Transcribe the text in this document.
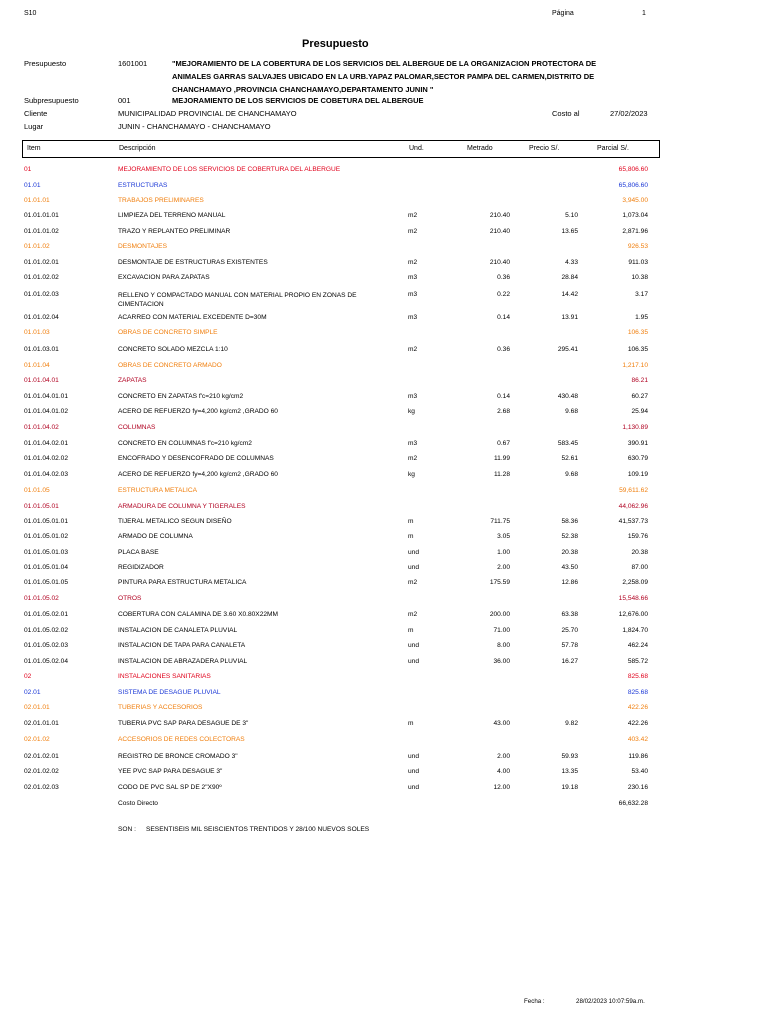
S10	Página	1
Presupuesto
Presupuesto	1601001	"MEJORAMIENTO DE LA COBERTURA DE LOS SERVICIOS DEL ALBERGUE DE LA ORGANIZACION PROTECTORA DE
ANIMALES GARRAS SALVAJES UBICADO EN LA URB.YAPAZ PALOMAR,SECTOR PAMPA DEL CARMEN,DISTRITO DE
CHANCHAMAYO ,PROVINCIA CHANCHAMAYO,DEPARTAMENTO JUNIN "
Subpresupuesto	001	MEJORAMIENTO DE LOS SERVICIOS DE COBETURA DEL ALBERGUE
Cliente	MUNICIPALIDAD PROVINCIAL DE CHANCHAMAYO	Costo al	27/02/2023
Lugar	JUNIN - CHANCHAMAYO - CHANCHAMAYO
Item	Descripción	Und.	Metrado	Precio S/.	Parcial S/.
01	MEJORAMIENTO DE LOS SERVICIOS DE COBERTURA DEL ALBERGUE	65,806.60
01.01	ESTRUCTURAS	65,806.60
01.01.01	TRABAJOS PRELIMINARES	3,945.00
01.01.01.01	LIMPIEZA DEL TERRENO MANUAL	m2	210.40	5.10	1,073.04
01.01.01.02	TRAZO Y REPLANTEO PRELIMINAR	m2	210.40	13.65	2,871.96
01.01.02	DESMONTAJES	926.53
01.01.02.01	DESMONTAJE DE ESTRUCTURAS EXISTENTES	m2	210.40	4.33	911.03
01.01.02.02	EXCAVACION PARA ZAPATAS	m3	0.36	28.84	10.38
01.01.02.03	RELLENO Y COMPACTADO MANUAL CON MATERIAL PROPIO EN ZONAS DE CIMENTACION
m3	0.22	14.42	3.17
01.01.02.04	ACARREO CON MATERIAL EXCEDENTE D=30M	m3	0.14	13.91	1.95
01.01.03	OBRAS DE CONCRETO SIMPLE	106.35
01.01.03.01	CONCRETO SOLADO MEZCLA 1:10	m2	0.36	295.41	106.35
01.01.04	OBRAS DE CONCRETO ARMADO	1,217.10
01.01.04.01	ZAPATAS	86.21
01.01.04.01.01	CONCRETO EN ZAPATAS f'c=210 kg/cm2	m3	0.14	430.48	60.27
01.01.04.01.02	ACERO DE REFUERZO fy=4,200 kg/cm2 ,GRADO 60	kg	2.68	9.68	25.94
01.01.04.02	COLUMNAS	1,130.89
01.01.04.02.01	CONCRETO EN COLUMNAS f'c=210 kg/cm2	m3	0.67	583.45	390.91
01.01.04.02.02	ENCOFRADO Y DESENCOFRADO DE COLUMNAS	m2	11.99	52.61	630.79
01.01.04.02.03	ACERO DE REFUERZO fy=4,200 kg/cm2 ,GRADO 60	kg	11.28	9.68	109.19
01.01.05	ESTRUCTURA METALICA	59,611.62
01.01.05.01	ARMADURA DE COLUMNA Y TIGERALES	44,062.96
01.01.05.01.01	TIJERAL METALICO SEGUN DISEÑO	m	711.75	58.36	41,537.73
01.01.05.01.02	ARMADO DE COLUMNA	m	3.05	52.38	159.76
01.01.05.01.03	PLACA BASE	und	1.00	20.38	20.38
01.01.05.01.04	REGIDIZADOR	und	2.00	43.50	87.00
01.01.05.01.05	PINTURA PARA ESTRUCTURA METALICA	m2	175.59	12.86	2,258.09
01.01.05.02	OTROS	15,548.66
01.01.05.02.01	COBERTURA CON CALAMINA DE 3.60 X0.80X22MM	m2	200.00	63.38	12,676.00
01.01.05.02.02	INSTALACION DE CANALETA PLUVIAL	m	71.00	25.70	1,824.70
01.01.05.02.03	INSTALACION DE TAPA PARA CANALETA	und	8.00	57.78	462.24
01.01.05.02.04	INSTALACION DE ABRAZADERA PLUVIAL	und	36.00	16.27	585.72
02	INSTALACIONES SANITARIAS	825.68
02.01	SISTEMA DE DESAGUE PLUVIAL	825.68
02.01.01	TUBERIAS Y ACCESORIOS	422.26
02.01.01.01	TUBERIA PVC SAP PARA DESAGUE DE 3"	m	43.00	9.82	422.26
02.01.02	ACCESORIOS DE REDES COLECTORAS	403.42
02.01.02.01	REGISTRO DE BRONCE CROMADO 3"	und	2.00	59.93	119.86
02.01.02.02	YEE PVC SAP PARA DESAGUE 3"	und	4.00	13.35	53.40
02.01.02.03	CODO DE PVC SAL SP DE 2"X90º	und	12.00	19.18	230.16
Costo Directo	66,632.28
SON : SESENTISEIS MIL SEISCIENTOS TRENTIDOS Y 28/100 NUEVOS SOLES
Fecha :	28/02/2023 10:07:59a.m.
